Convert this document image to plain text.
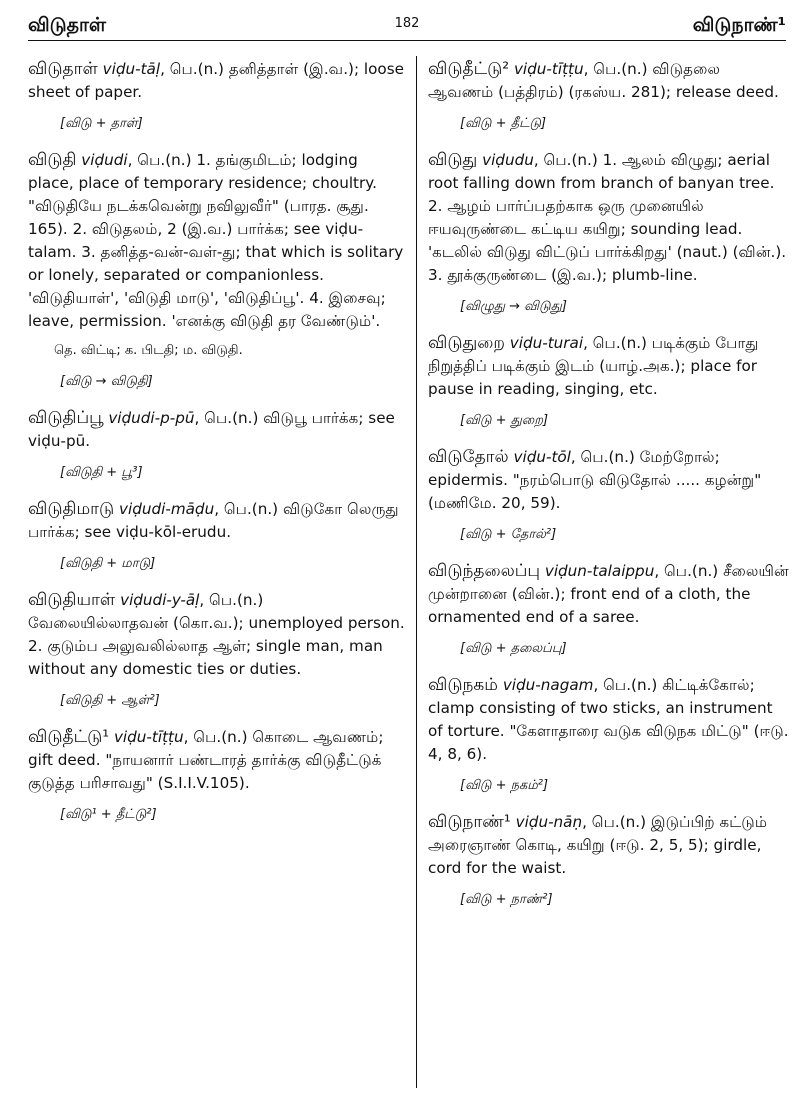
விடுதாள்	182	விடுநாண்¹
விடுதாள் viḍu-tāḷ, பெ.(n.) தனித்தாள் (இ.வ.); loose sheet of paper.
[விடு + தாள்]
விடுதி viḍudi, பெ.(n.) 1. தங்குமிடம்; lodging place, place of temporary residence; choultry. "விடுதியே நடக்கவென்று நவிலுவீர்" (பாரத. சூது. 165). 2. விடுதலம், 2 (இ.வ.) பார்க்க; see viḍu-talam. 3. தனித்த-வன்-வள்-து; that which is solitary or lonely, separated or companionless. 'விடுதியாள்', 'விடுதி மாடு', 'விடுதிப்பூ'. 4. இசைவு; leave, permission. 'எனக்கு விடுதி தர வேண்டும்'.
தெ. விட்டி; க. பிடதி; ம. விடுதி.
[விடு → விடுதி]
விடுதிப்பூ viḍudi-p-pū, பெ.(n.) விடுபூ பார்க்க; see viḍu-pū.
[விடுதி + பூ³]
விடுதிமாடு viḍudi-māḍu, பெ.(n.) விடுகோ லெருது பார்க்க; see viḍu-kōl-erudu.
[விடுதி + மாடு]
விடுதியாள் viḍudi-y-āḷ, பெ.(n.) வேலையில்லாதவன் (கொ.வ.); unemployed person. 2. குடும்ப அலுவலில்லாத ஆள்; single man, man without any domestic ties or duties.
[விடுதி + ஆள்²]
விடுதீட்டு¹ viḍu-tīṭṭu, பெ.(n.) கொடை ஆவணம்; gift deed. "நாயனார் பண்டாரத் தார்க்கு விடுதீட்டுக் குடுத்த பரிசாவது" (S.I.I.V.105).
[விடு¹ + தீட்டு²]
விடுதீட்டு² viḍu-tīṭṭu, பெ.(n.) விடுதலை ஆவணம் (பத்திரம்) (ரகஸ்ய. 281); release deed.
[விடு + தீட்டு]
விடுது viḍudu, பெ.(n.) 1. ஆலம் விழுது; aerial root falling down from branch of banyan tree. 2. ஆழம் பார்ப்பதற்காக ஒரு முனையில் ஈயவுருண்டை கட்டிய கயிறு; sounding lead. 'கடலில் விடுது விட்டுப் பார்க்கிறது' (naut.) (வின்.). 3. தூக்குருண்டை (இ.வ.); plumb-line.
[விழுது → விடுது]
விடுதுறை viḍu-turai, பெ.(n.) படிக்கும் போது நிறுத்திப் படிக்கும் இடம் (யாழ்.அக.); place for pause in reading, singing, etc.
[விடு + துறை]
விடுதோல் viḍu-tōl, பெ.(n.) மேற்றோல்; epidermis. "நரம்பொடு விடுதோல் ..... கழன்று" (மணிமே. 20, 59).
[விடு + தோல்²]
விடுந்தலைப்பு viḍun-talaippu, பெ.(n.) சீலையின் முன்றானை (வின்.); front end of a cloth, the ornamented end of a saree.
[விடு + தலைப்பு]
விடுநகம் viḍu-nagam, பெ.(n.) கிட்டிக்கோல்; clamp consisting of two sticks, an instrument of torture. "கேளாதாரை வடுக விடுநக மிட்டு" (ஈடு. 4, 8, 6).
[விடு + நகம்²]
விடுநாண்¹ viḍu-nāṇ, பெ.(n.) இடுப்பிற் கட்டும் அரைஞாண் கொடி, கயிறு (ஈடு. 2, 5, 5); girdle, cord for the waist.
[விடு + நாண்²]
